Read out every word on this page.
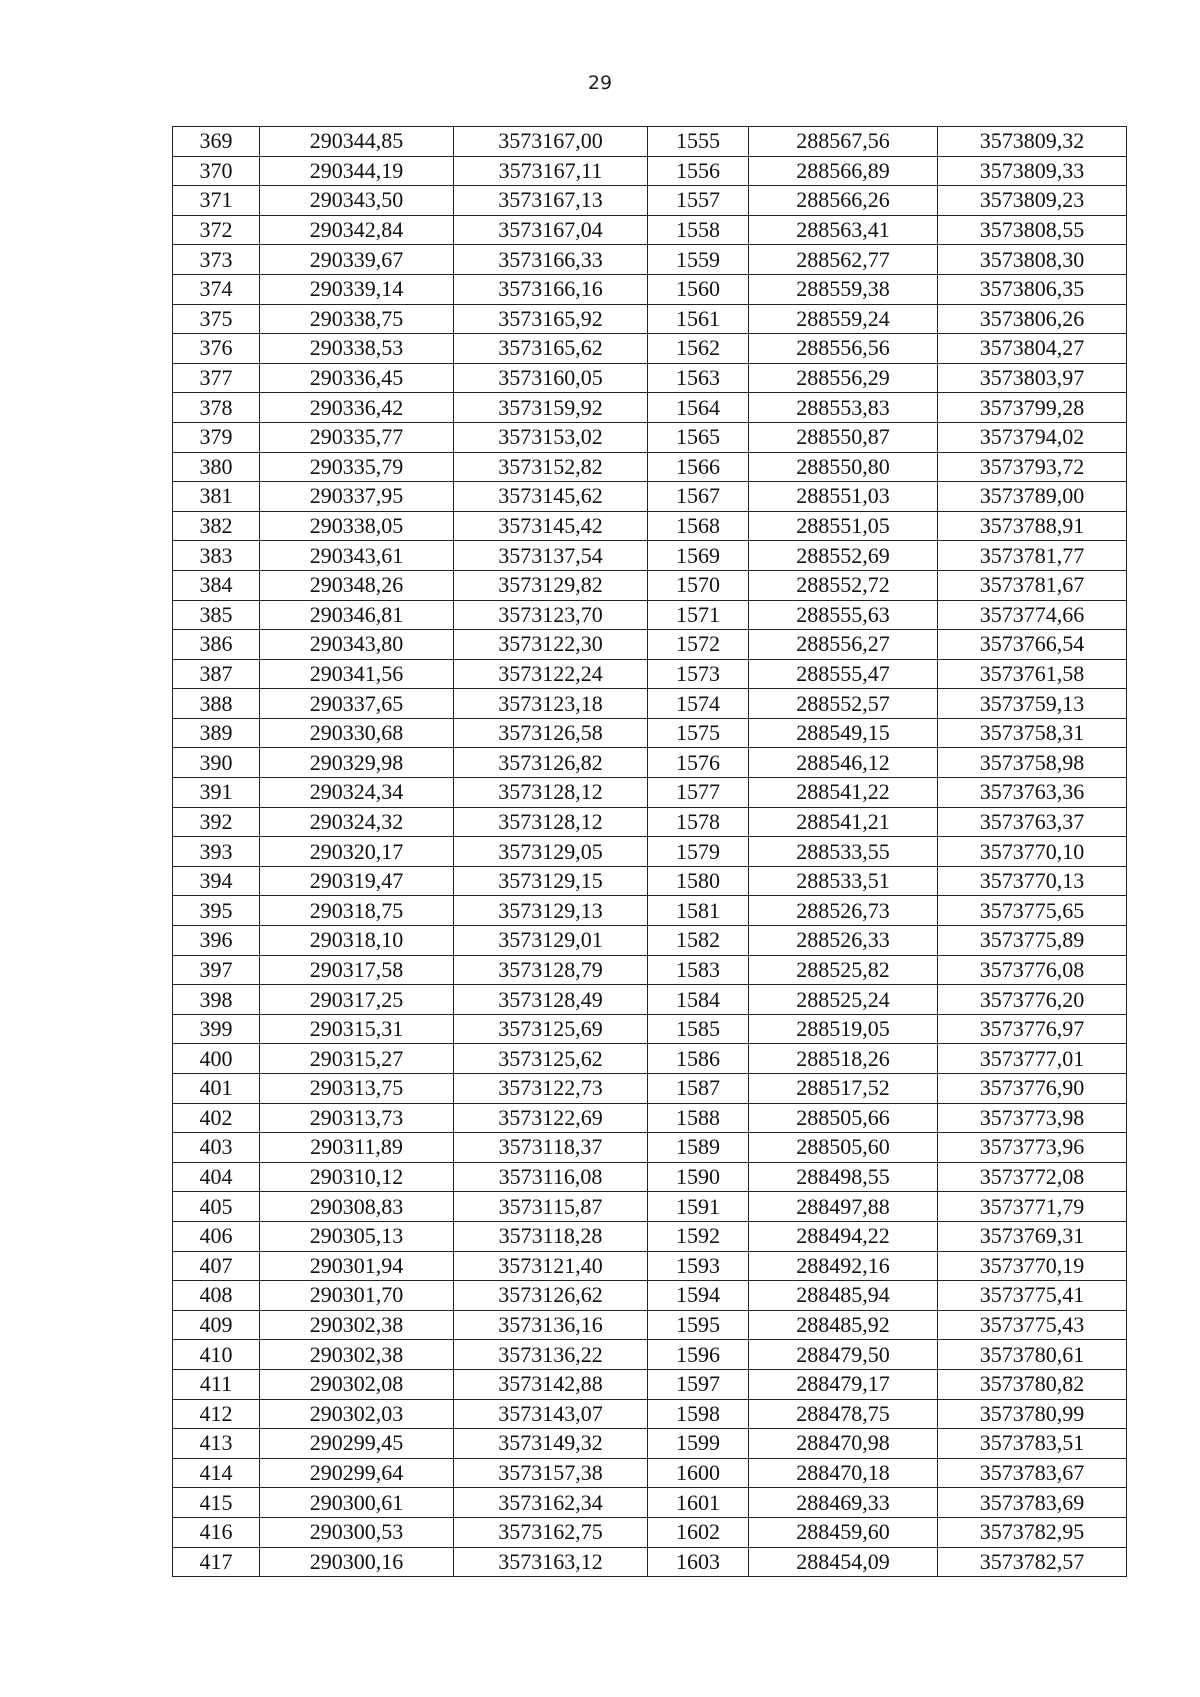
29
369	290344,85	3573167,00	1555	288567,56	3573809,32
370	290344,19	3573167,11	1556	288566,89	3573809,33
371	290343,50	3573167,13	1557	288566,26	3573809,23
372	290342,84	3573167,04	1558	288563,41	3573808,55
373	290339,67	3573166,33	1559	288562,77	3573808,30
374	290339,14	3573166,16	1560	288559,38	3573806,35
375	290338,75	3573165,92	1561	288559,24	3573806,26
376	290338,53	3573165,62	1562	288556,56	3573804,27
377	290336,45	3573160,05	1563	288556,29	3573803,97
378	290336,42	3573159,92	1564	288553,83	3573799,28
379	290335,77	3573153,02	1565	288550,87	3573794,02
380	290335,79	3573152,82	1566	288550,80	3573793,72
381	290337,95	3573145,62	1567	288551,03	3573789,00
382	290338,05	3573145,42	1568	288551,05	3573788,91
383	290343,61	3573137,54	1569	288552,69	3573781,77
384	290348,26	3573129,82	1570	288552,72	3573781,67
385	290346,81	3573123,70	1571	288555,63	3573774,66
386	290343,80	3573122,30	1572	288556,27	3573766,54
387	290341,56	3573122,24	1573	288555,47	3573761,58
388	290337,65	3573123,18	1574	288552,57	3573759,13
389	290330,68	3573126,58	1575	288549,15	3573758,31
390	290329,98	3573126,82	1576	288546,12	3573758,98
391	290324,34	3573128,12	1577	288541,22	3573763,36
392	290324,32	3573128,12	1578	288541,21	3573763,37
393	290320,17	3573129,05	1579	288533,55	3573770,10
394	290319,47	3573129,15	1580	288533,51	3573770,13
395	290318,75	3573129,13	1581	288526,73	3573775,65
396	290318,10	3573129,01	1582	288526,33	3573775,89
397	290317,58	3573128,79	1583	288525,82	3573776,08
398	290317,25	3573128,49	1584	288525,24	3573776,20
399	290315,31	3573125,69	1585	288519,05	3573776,97
400	290315,27	3573125,62	1586	288518,26	3573777,01
401	290313,75	3573122,73	1587	288517,52	3573776,90
402	290313,73	3573122,69	1588	288505,66	3573773,98
403	290311,89	3573118,37	1589	288505,60	3573773,96
404	290310,12	3573116,08	1590	288498,55	3573772,08
405	290308,83	3573115,87	1591	288497,88	3573771,79
406	290305,13	3573118,28	1592	288494,22	3573769,31
407	290301,94	3573121,40	1593	288492,16	3573770,19
408	290301,70	3573126,62	1594	288485,94	3573775,41
409	290302,38	3573136,16	1595	288485,92	3573775,43
410	290302,38	3573136,22	1596	288479,50	3573780,61
411	290302,08	3573142,88	1597	288479,17	3573780,82
412	290302,03	3573143,07	1598	288478,75	3573780,99
413	290299,45	3573149,32	1599	288470,98	3573783,51
414	290299,64	3573157,38	1600	288470,18	3573783,67
415	290300,61	3573162,34	1601	288469,33	3573783,69
416	290300,53	3573162,75	1602	288459,60	3573782,95
417	290300,16	3573163,12	1603	288454,09	3573782,57
